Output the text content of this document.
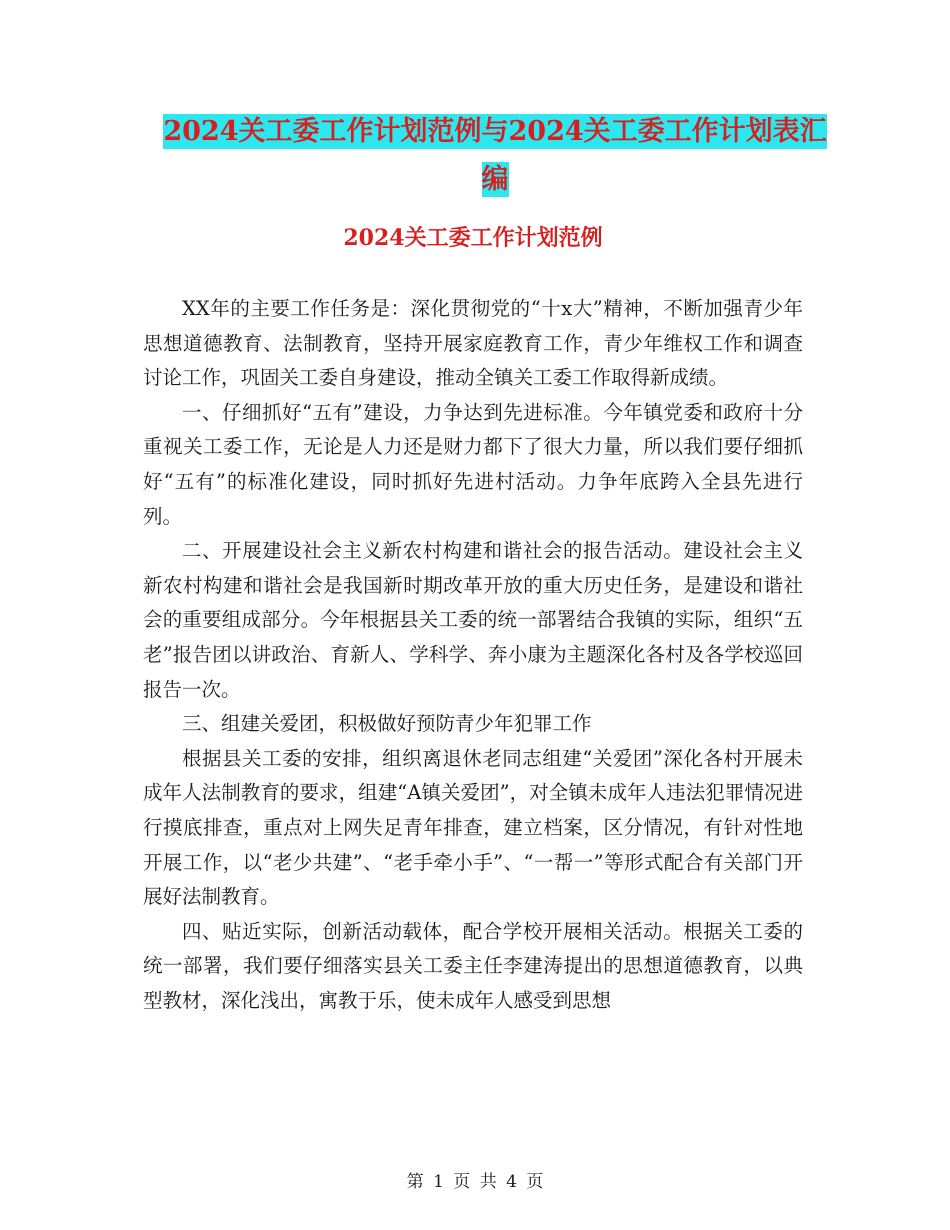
2024关工委工作计划范例与2024关工委工作计划表汇编
2024关工委工作计划范例

XX年的主要工作任务是：深化贯彻党的“十x大”精神，不断加强青少年思想道德教育、法制教育，坚持开展家庭教育工作，青少年维权工作和调查讨论工作，巩固关工委自身建设，推动全镇关工委工作取得新成绩。

一、仔细抓好“五有”建设，力争达到先进标准。今年镇党委和政府十分重视关工委工作，无论是人力还是财力都下了很大力量，所以我们要仔细抓好“五有”的标准化建设，同时抓好先进村活动。力争年底跨入全县先进行列。

二、开展建设社会主义新农村构建和谐社会的报告活动。建设社会主义新农村构建和谐社会是我国新时期改革开放的重大历史任务，是建设和谐社会的重要组成部分。今年根据县关工委的统一部署结合我镇的实际，组织“五老”报告团以讲政治、育新人、学科学、奔小康为主题深化各村及各学校巡回报告一次。

三、组建关爱团，积极做好预防青少年犯罪工作

根据县关工委的安排，组织离退休老同志组建“关爱团”深化各村开展未成年人法制教育的要求，组建“A镇关爱团”，对全镇未成年人违法犯罪情况进行摸底排查，重点对上网失足青年排查，建立档案，区分情况，有针对性地开展工作，以“老少共建”、“老手牵小手”、“一帮一”等形式配合有关部门开展好法制教育。

四、贴近实际，创新活动载体，配合学校开展相关活动。根据关工委的统一部署，我们要仔细落实县关工委主任李建涛提出的思想道德教育，以典型教材，深化浅出，寓教于乐，使未成年人感受到思想

第 1 页 共 4 页
